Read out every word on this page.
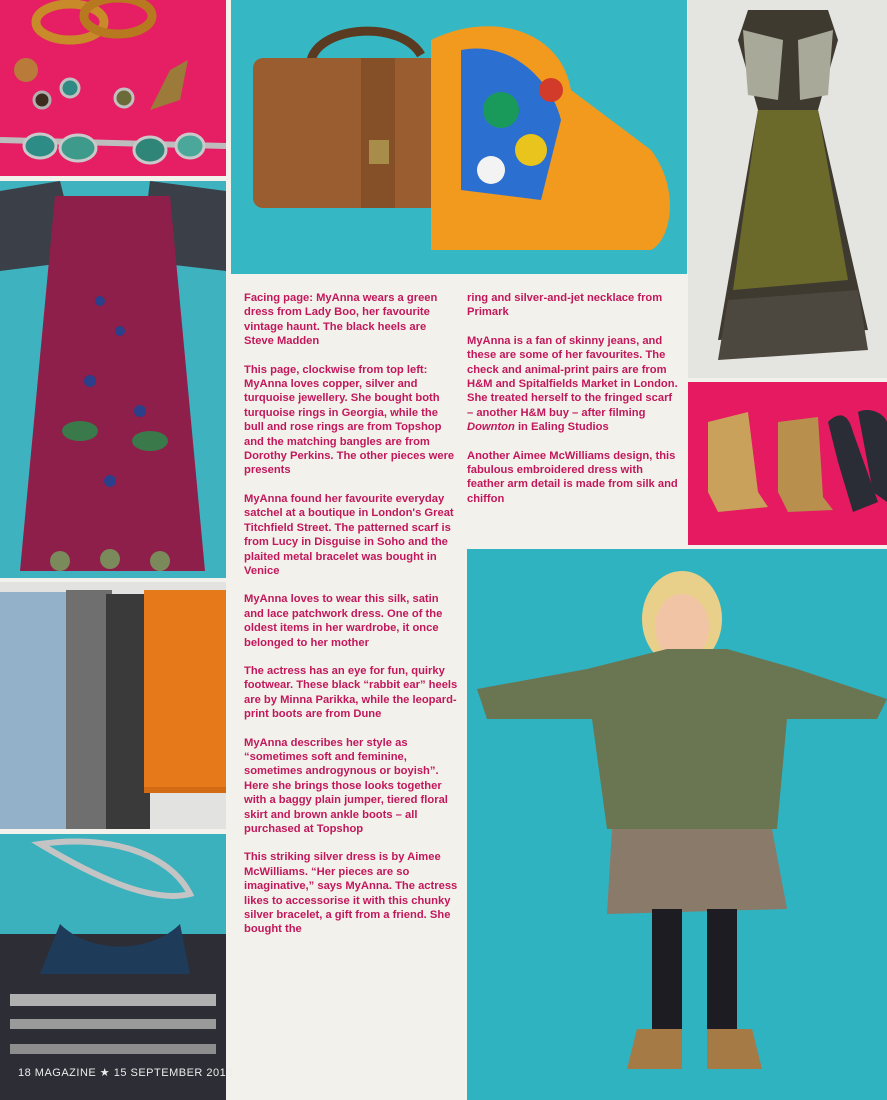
Facing page: MyAnna wears a green dress from Lady Boo, her favourite vintage haunt. The black heels are Steve Madden

This page, clockwise from top left: MyAnna loves copper, silver and turquoise jewellery. She bought both turquoise rings in Georgia, while the bull and rose rings are from Topshop and the matching bangles are from Dorothy Perkins. The other pieces were presents

MyAnna found her favourite everyday satchel at a boutique in London's Great Titchfield Street. The patterned scarf is from Lucy in Disguise in Soho and the plaited metal bracelet was bought in Venice

MyAnna loves to wear this silk, satin and lace patchwork dress. One of the oldest items in her wardrobe, it once belonged to her mother

The actress has an eye for fun, quirky footwear. These black “rabbit ear” heels are by Minna Parikka, while the leopard-print boots are from Dune

MyAnna describes her style as “sometimes soft and feminine, sometimes androgynous or boyish”. Here she brings those looks together with a baggy plain jumper, tiered floral skirt and brown ankle boots – all purchased at Topshop

This striking silver dress is by Aimee McWilliams. “Her pieces are so imaginative,” says MyAnna. The actress likes to accessorise it with this chunky silver bracelet, a gift from a friend. She bought the

ring and silver-and-jet necklace from Primark

MyAnna is a fan of skinny jeans, and these are some of her favourites. The check and animal-print pairs are from H&M and Spitalfields Market in London. She treated herself to the fringed scarf – another H&M buy – after filming Downton in Ealing Studios

Another Aimee McWilliams design, this fabulous embroidered dress with feather arm detail is made from silk and chiffon

18 MAGAZINE ★ 15 SEPTEMBER 2013
